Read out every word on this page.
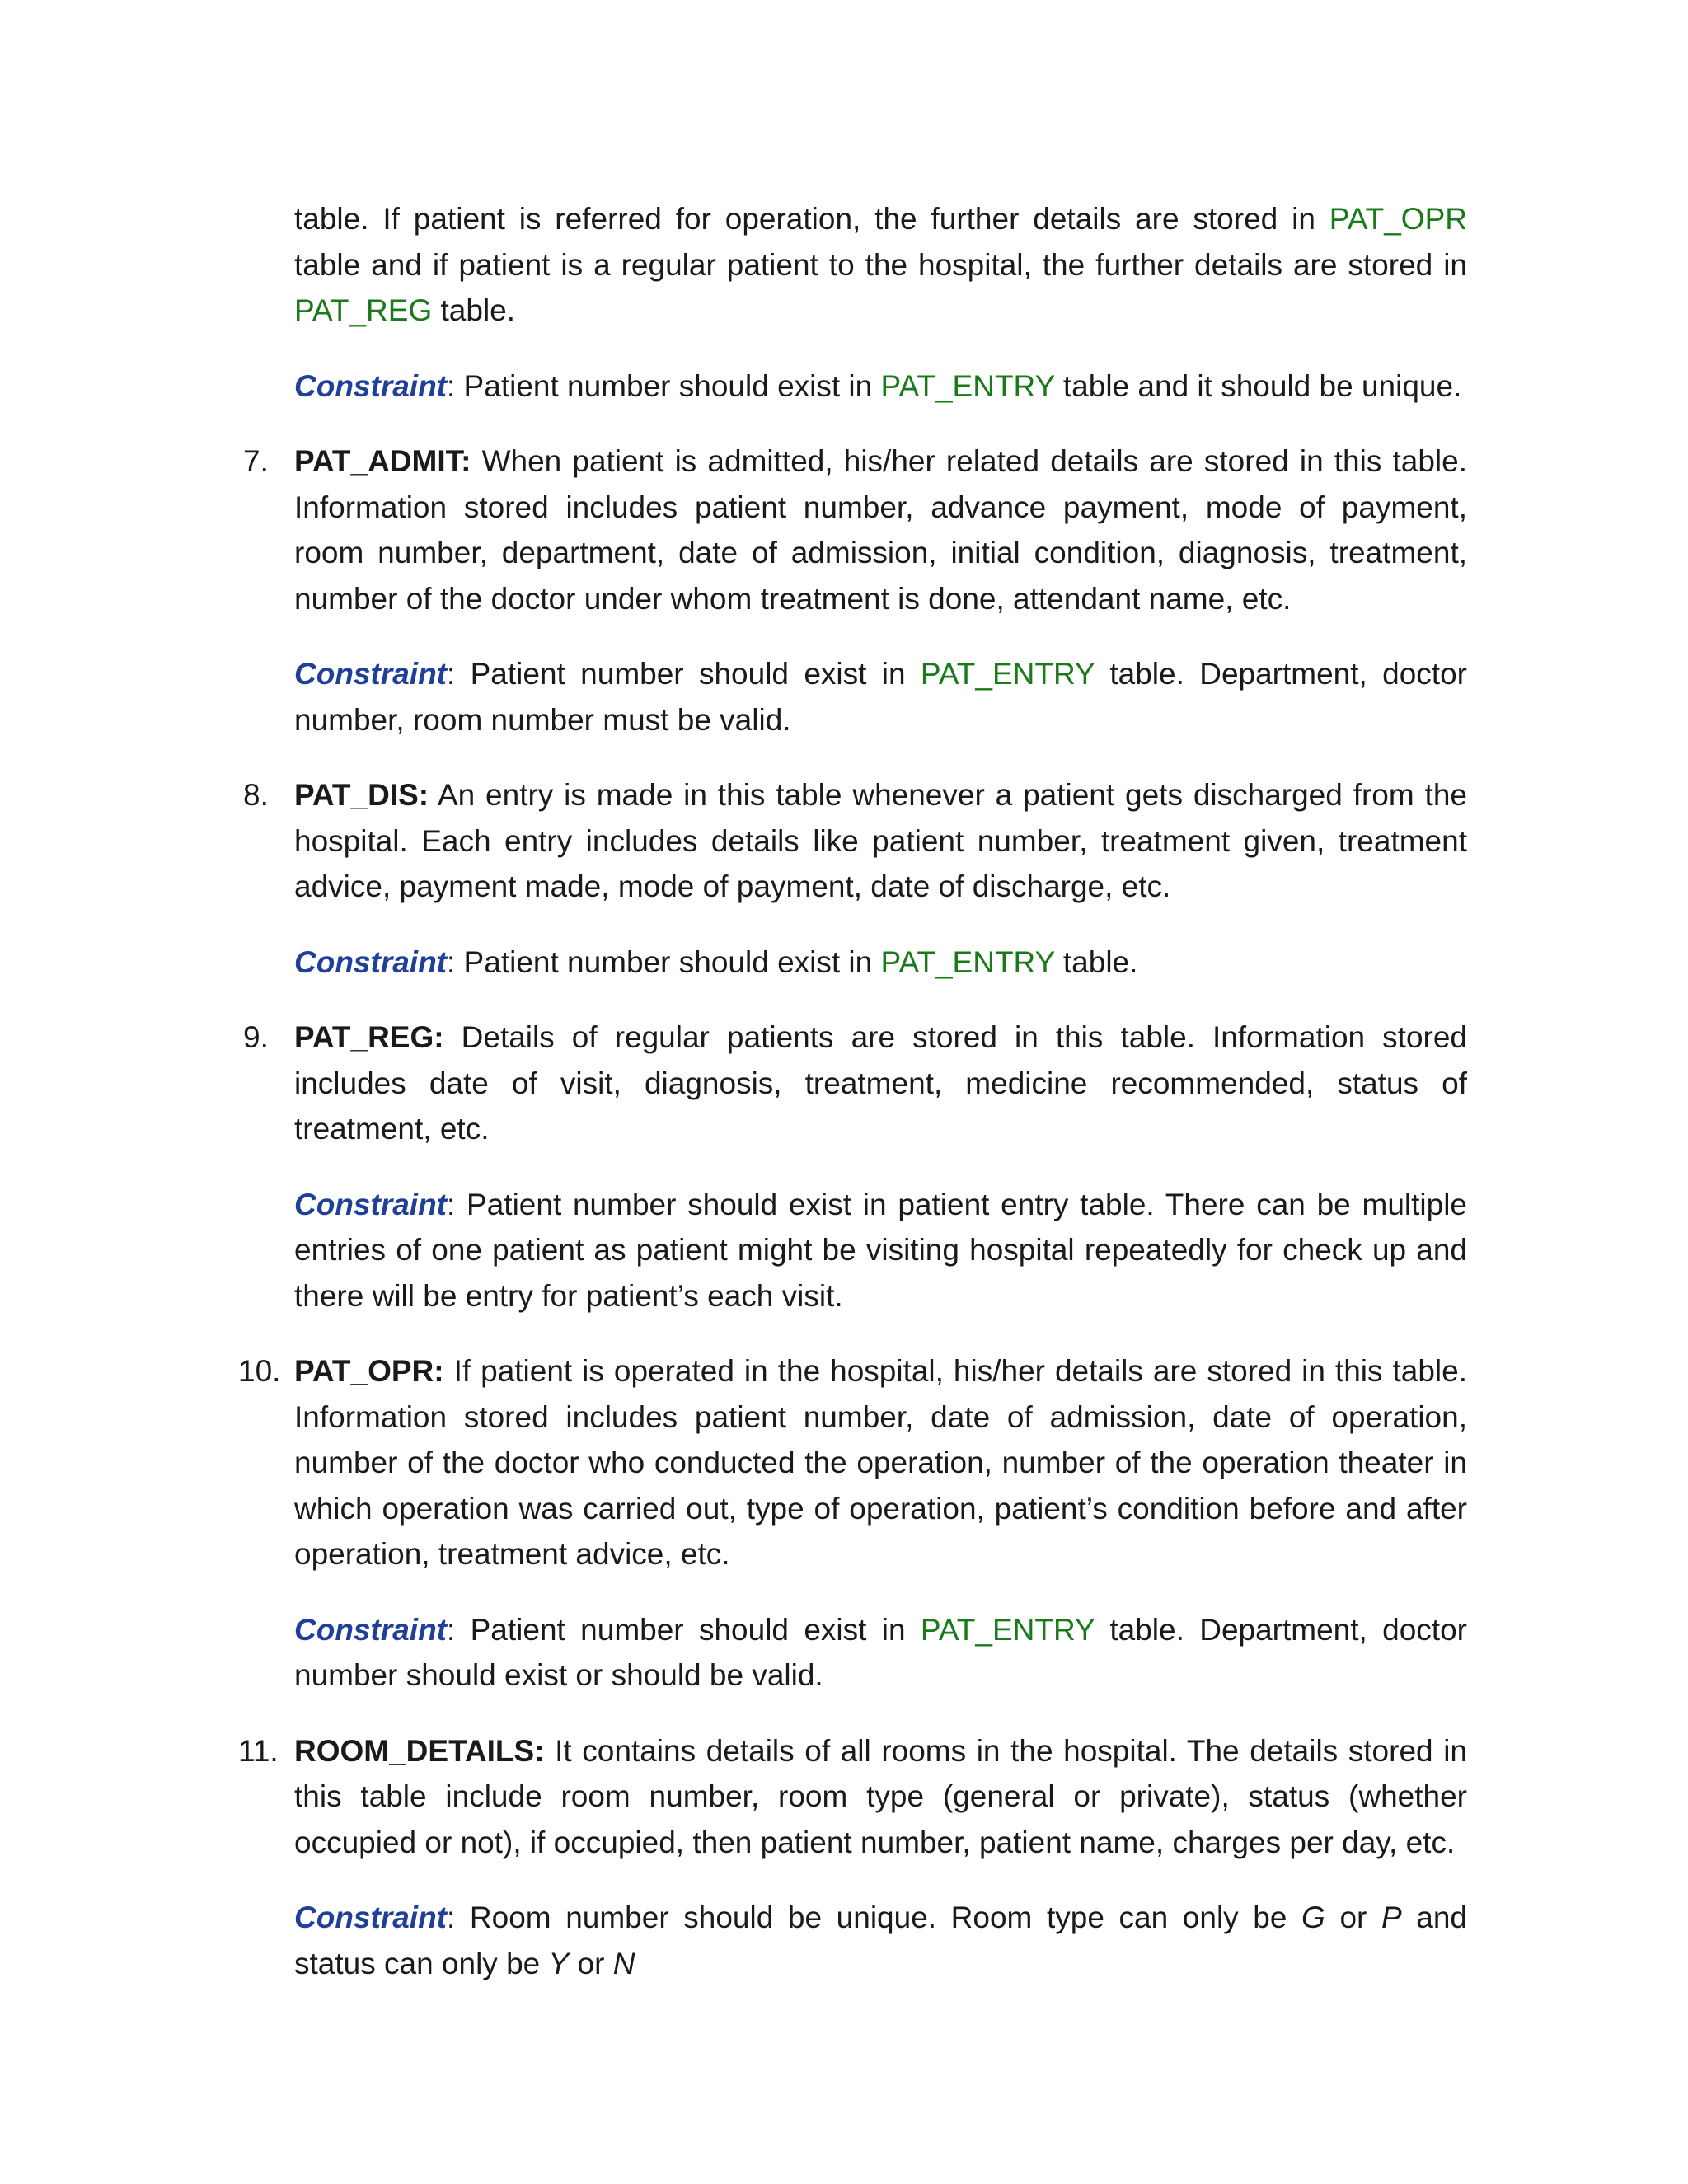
table. If patient is referred for operation, the further details are stored in PAT_OPR table and if patient is a regular patient to the hospital, the further details are stored in PAT_REG table.

Constraint: Patient number should exist in PAT_ENTRY table and it should be unique.

7. PAT_ADMIT: When patient is admitted, his/her related details are stored in this table. Information stored includes patient number, advance payment, mode of payment, room number, department, date of admission, initial condition, diagnosis, treatment, number of the doctor under whom treatment is done, attendant name, etc.

Constraint: Patient number should exist in PAT_ENTRY table. Department, doctor number, room number must be valid.

8. PAT_DIS: An entry is made in this table whenever a patient gets discharged from the hospital. Each entry includes details like patient number, treatment given, treatment advice, payment made, mode of payment, date of discharge, etc.

Constraint: Patient number should exist in PAT_ENTRY table.

9. PAT_REG: Details of regular patients are stored in this table. Information stored includes date of visit, diagnosis, treatment, medicine recommended, status of treatment, etc.

Constraint: Patient number should exist in patient entry table. There can be multiple entries of one patient as patient might be visiting hospital repeatedly for check up and there will be entry for patient’s each visit.

10. PAT_OPR: If patient is operated in the hospital, his/her details are stored in this table. Information stored includes patient number, date of admission, date of operation, number of the doctor who conducted the operation, number of the operation theater in which operation was carried out, type of operation, patient’s condition before and after operation, treatment advice, etc.

Constraint: Patient number should exist in PAT_ENTRY table. Department, doctor number should exist or should be valid.

11. ROOM_DETAILS: It contains details of all rooms in the hospital. The details stored in this table include room number, room type (general or private), status (whether occupied or not), if occupied, then patient number, patient name, charges per day, etc.

Constraint: Room number should be unique. Room type can only be G or P and status can only be Y or N
